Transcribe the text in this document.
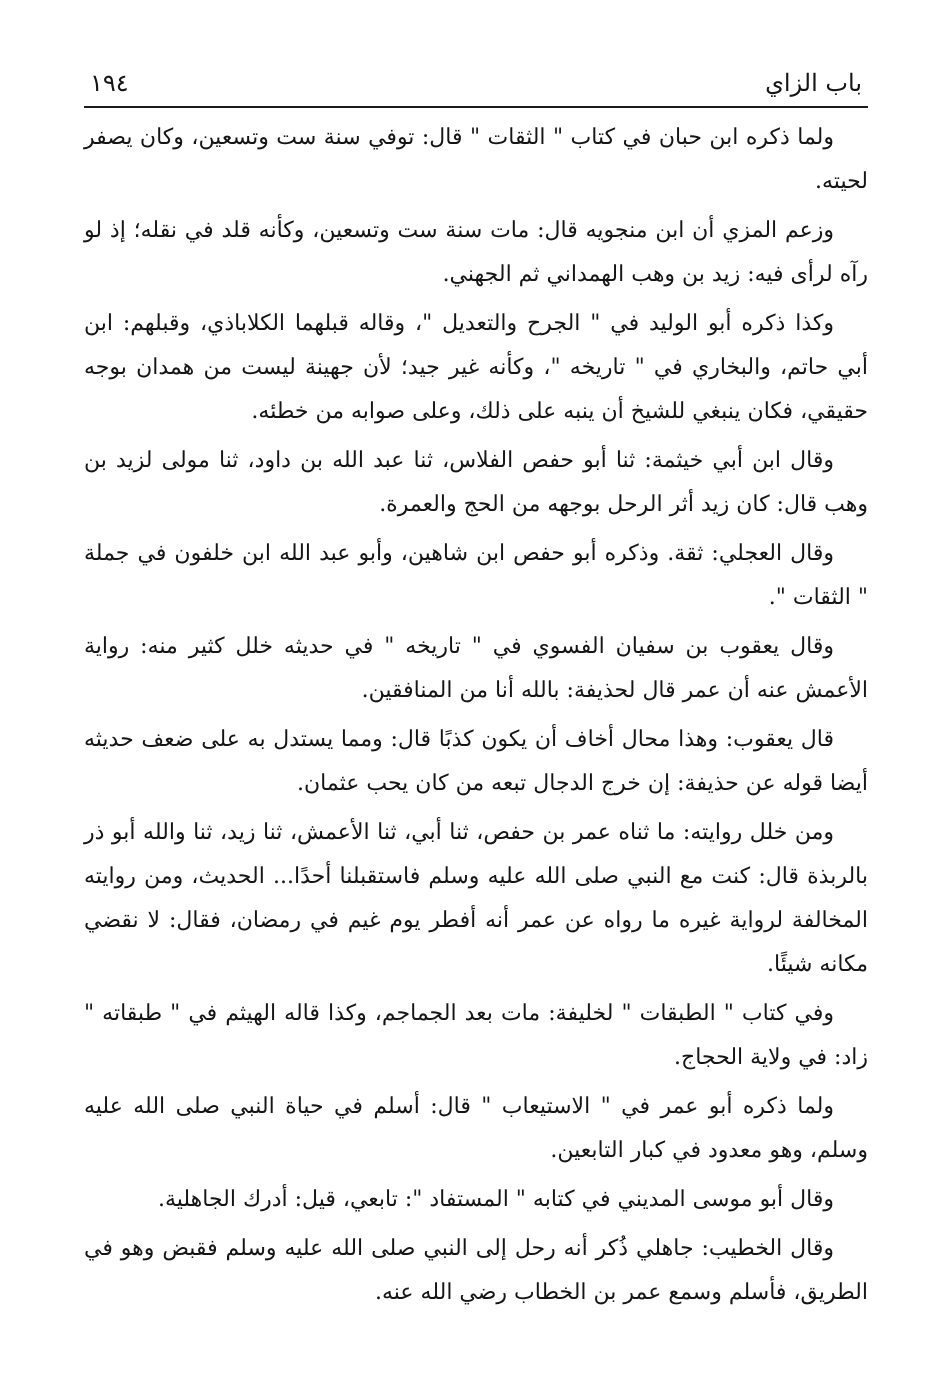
باب الزاي
١٩٤

ولما ذكره ابن حبان في كتاب " الثقات " قال: توفي سنة ست وتسعين، وكان يصفر لحيته.

وزعم المزي أن ابن منجويه قال: مات سنة ست وتسعين، وكأنه قلد في نقله؛ إذ لو رآه لرأى فيه: زيد بن وهب الهمداني ثم الجهني.

وكذا ذكره أبو الوليد في " الجرح والتعديل "، وقاله قبلهما الكلاباذي، وقبلهم: ابن أبي حاتم، والبخاري في " تاريخه "، وكأنه غير جيد؛ لأن جهينة ليست من همدان بوجه حقيقي، فكان ينبغي للشيخ أن ينبه على ذلك، وعلى صوابه من خطئه.

وقال ابن أبي خيثمة: ثنا أبو حفص الفلاس، ثنا عبد الله بن داود، ثنا مولى لزيد بن وهب قال: كان زيد أثر الرحل بوجهه من الحج والعمرة.

وقال العجلي: ثقة. وذكره أبو حفص ابن شاهين، وأبو عبد الله ابن خلفون في جملة " الثقات ".

وقال يعقوب بن سفيان الفسوي في " تاريخه " في حديثه خلل كثير منه: رواية الأعمش عنه أن عمر قال لحذيفة: بالله أنا من المنافقين.

قال يعقوب: وهذا محال أخاف أن يكون كذبًا قال: ومما يستدل به على ضعف حديثه أيضا قوله عن حذيفة: إن خرج الدجال تبعه من كان يحب عثمان.

ومن خلل روايته: ما ثناه عمر بن حفص، ثنا أبي، ثنا الأعمش، ثنا زيد، ثنا والله أبو ذر بالربذة قال: كنت مع النبي صلى الله عليه وسلم فاستقبلنا أحدًا... الحديث، ومن روايته المخالفة لرواية غيره ما رواه عن عمر أنه أفطر يوم غيم في رمضان، فقال: لا نقضي مكانه شيئًا.

وفي كتاب " الطبقات " لخليفة: مات بعد الجماجم، وكذا قاله الهيثم في " طبقاته " زاد: في ولاية الحجاج.

ولما ذكره أبو عمر في " الاستيعاب " قال: أسلم في حياة النبي صلى الله عليه وسلم، وهو معدود في كبار التابعين.

وقال أبو موسى المديني في كتابه " المستفاد ": تابعي، قيل: أدرك الجاهلية.

وقال الخطيب: جاهلي ذُكر أنه رحل إلى النبي صلى الله عليه وسلم فقبض وهو في الطريق، فأسلم وسمع عمر بن الخطاب رضي الله عنه.
